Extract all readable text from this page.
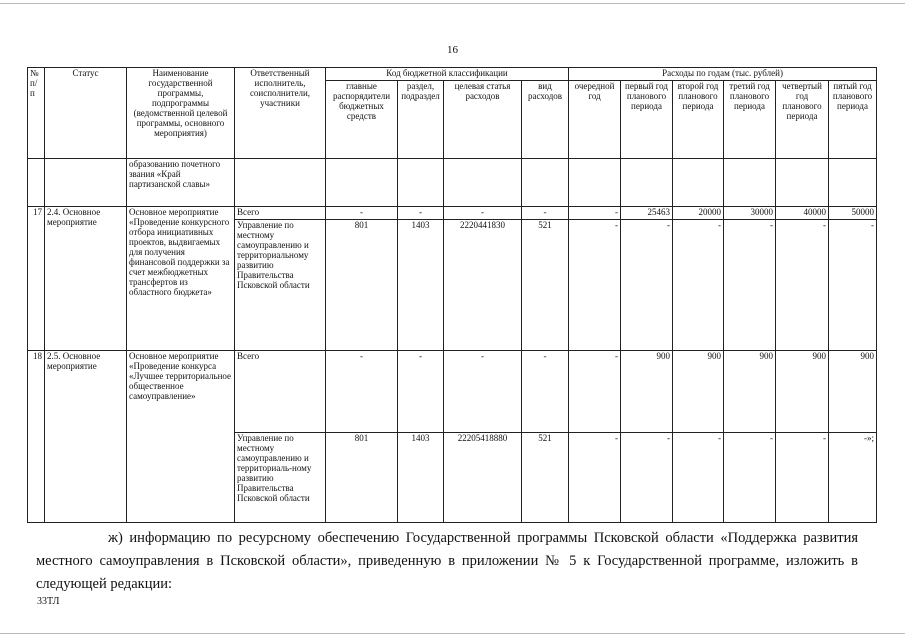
16
№ п/п	Статус	Наименование государственной программы, подпрограммы (ведомственной целевой программы, основного мероприятия)	Ответственный исполнитель, соисполнители, участники	Код бюджетной классификации				Расходы по годам (тыс. рублей)					
				главные распорядители бюджетных средств	раздел, подраздел	целевая статья расходов	вид расходов	очередной год	первый год планового периода	второй год планового периода	третий год планового периода	четвертый год планового периода	пятый год планового периода
		образованию почетного звания «Край партизанской славы»											
17	2.4. Основное мероприятие	Основное мероприятие «Проведение конкурсного отбора инициативных проектов, выдвигаемых для получения финансовой поддержки за счет межбюджетных трансфертов из областного бюджета»	Всего	-	-	-	-	-	25463	20000	30000	40000	50000
			Управление по местному самоуправлению и территориальному развитию Правительства Псковской области	801	1403	2220441830	521	-	-	-	-	-	-
18	2.5. Основное мероприятие	Основное мероприятие «Проведение конкурса «Лучшее территориальное общественное самоуправление»	Всего	-	-	-	-	-	900	900	900	900	900
			Управление по местному самоуправлению и территориаль-ному развитию Правительства Псковской области	801	1403	22205418880	521	-	-	-	-	-	-»;
ж) информацию по ресурсному обеспечению Государственной программы Псковской области «Поддержка развития местного самоуправления в Псковской области», приведенную в приложении № 5 к Государственной программе, изложить в следующей редакции:
33ТЛ
